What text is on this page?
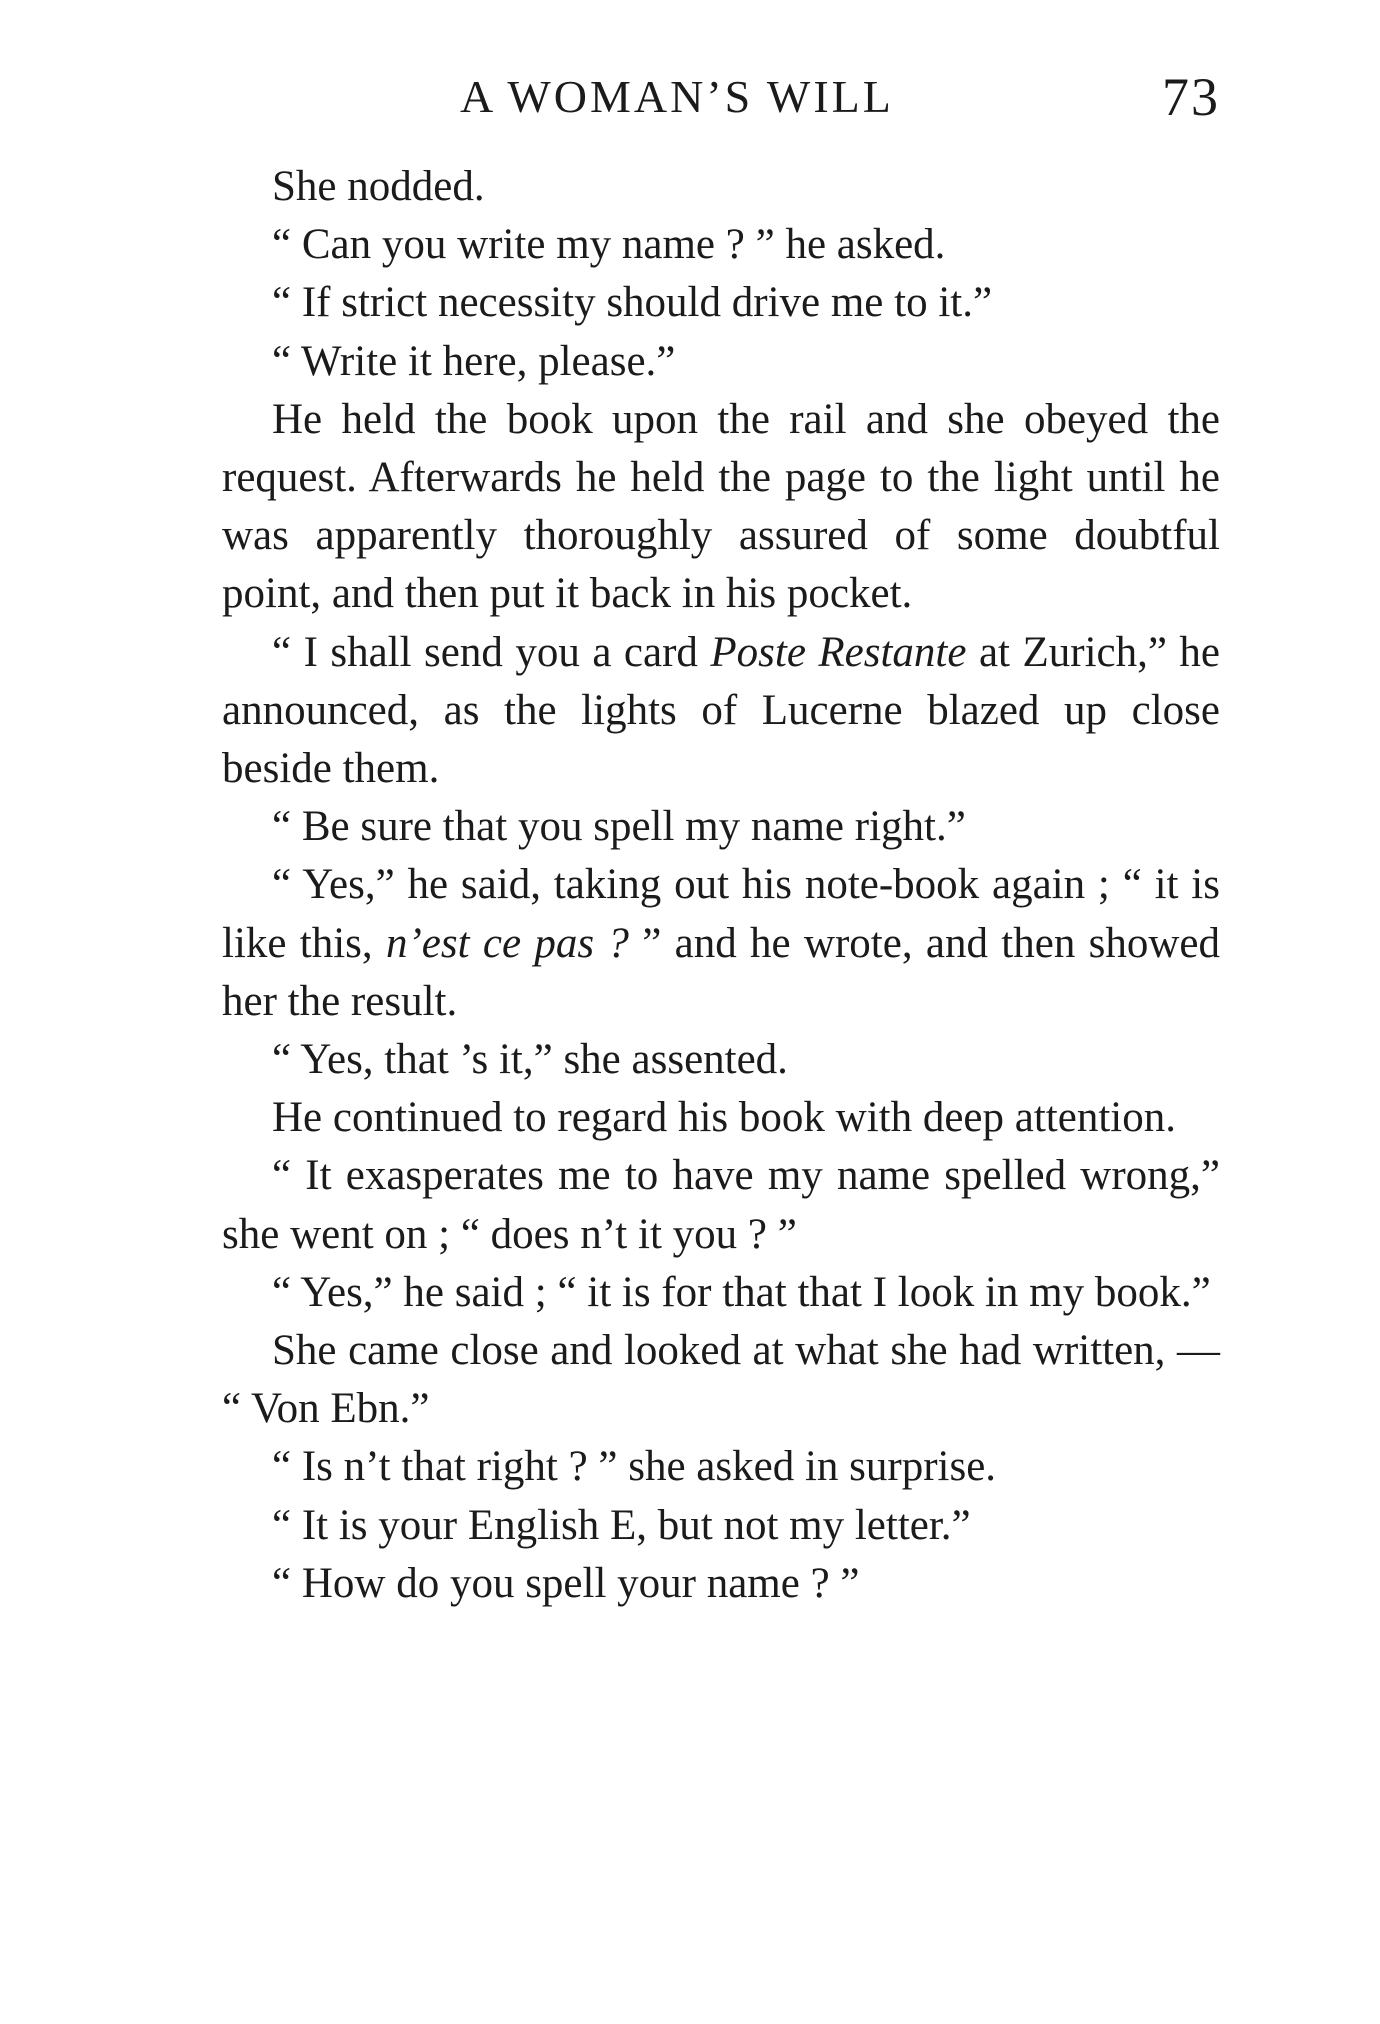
A WOMAN’S WILL	73

She nodded.

“ Can you write my name ? ” he asked.

“ If strict necessity should drive me to it.”

“ Write it here, please.”

He held the book upon the rail and she obeyed the request. Afterwards he held the page to the light until he was apparently thoroughly assured of some doubtful point, and then put it back in his pocket.

“ I shall send you a card Poste Restante at Zurich,” he announced, as the lights of Lucerne blazed up close beside them.

“ Be sure that you spell my name right.”

“ Yes,” he said, taking out his note-book again ; “ it is like this, n’est ce pas ? ” and he wrote, and then showed her the result.

“ Yes, that ’s it,” she assented.

He continued to regard his book with deep attention.

“ It exasperates me to have my name spelled wrong,” she went on ; “ does n’t it you ? ”

“ Yes,” he said ; “ it is for that that I look in my book.”

She came close and looked at what she had written, — “ Von Ebn.”

“ Is n’t that right ? ” she asked in surprise.

“ It is your English E, but not my letter.”

“ How do you spell your name ? ”
